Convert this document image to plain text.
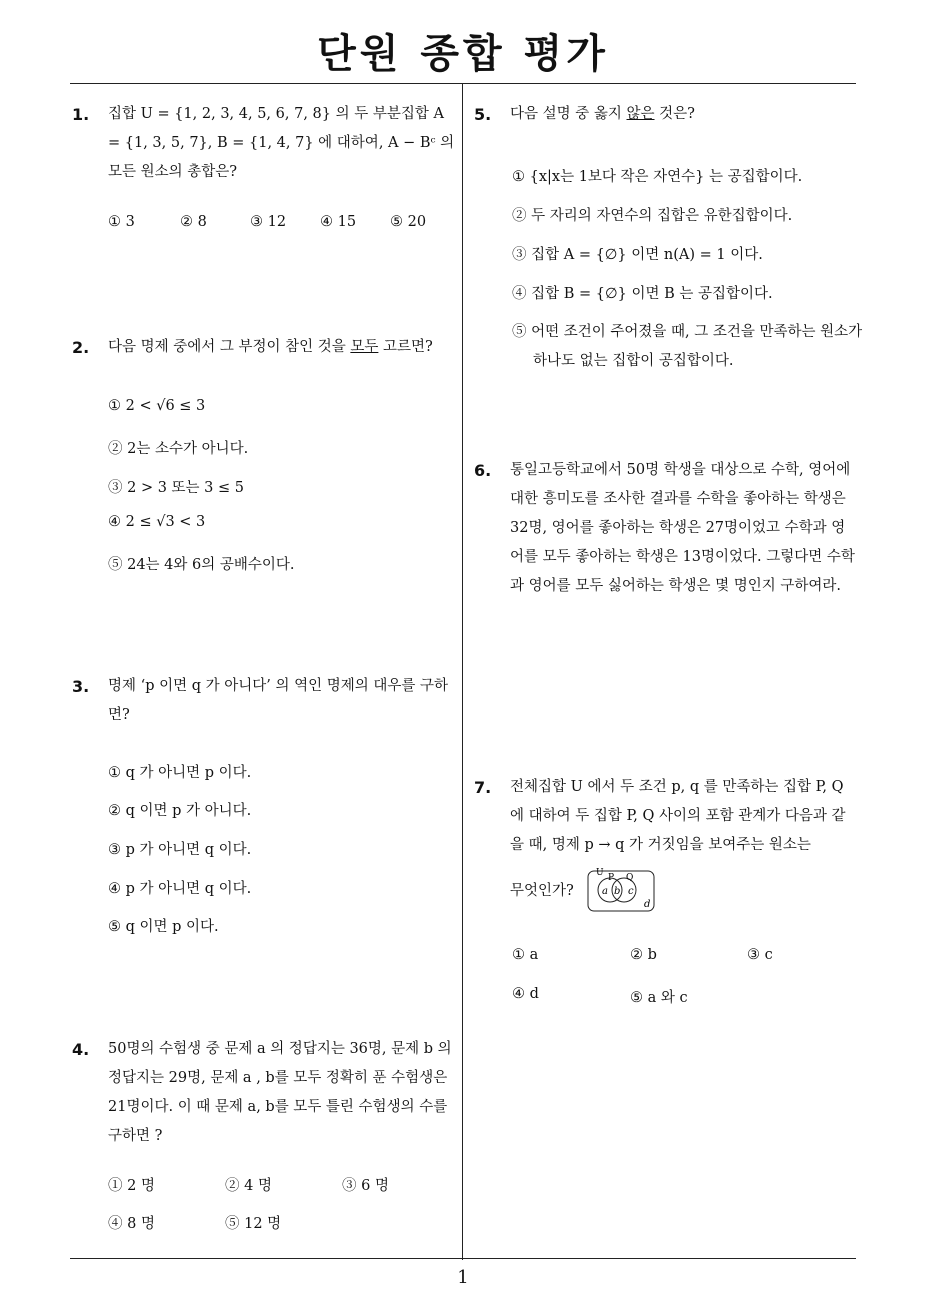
단원 종합 평가
1. 집합 U = {1, 2, 3, 4, 5, 6, 7, 8} 의 두 부분집합 A = {1, 3, 5, 7}, B = {1, 4, 7} 에 대하여, A − Bᶜ 의 모든 원소의 총합은?
① 3	② 8	③ 12 ④ 15 ⑤ 20
2. 다음 명제 중에서 그 부정이 참인 것을 모두 고르면?
① 2 < √6 ≤ 3
② 2는 소수가 아니다.
③ 2 > 3 또는 3 ≤ 5
④ 2 ≤ √3 < 3
⑤ 24는 4와 6의 공배수이다.
3. 명제 ‘p 이면 q 가 아니다’ 의 역인 명제의 대우를 구하면?
① q 가 아니면 p 이다.
② q 이면 p 가 아니다.
③ p 가 아니면 q 이다.
④ p 가 아니면 q 이다.
⑤ q 이면 p 이다.
4. 50명의 수험생 중 문제 a 의 정답지는 36명, 문제 b 의 정답지는 29명, 문제 a , b를 모두 정확히 푼 수험생은 21명이다. 이 때 문제 a, b를 모두 틀린 수험생의 수를 구하면 ?
① 2 명	② 4 명	③ 6 명
④ 8 명	⑤ 12 명
5. 다음 설명 중 옳지 않은 것은?
① {x|x는 1보다 작은 자연수} 는 공집합이다.
② 두 자리의 자연수의 집합은 유한집합이다.
③ 집합 A = {∅} 이면 n(A) = 1 이다.
④ 집합 B = {∅} 이면 B 는 공집합이다.
⑤ 어떤 조건이 주어졌을 때, 그 조건을 만족하는 원소가 하나도 없는 집합이 공집합이다.
6. 통일고등학교에서 50명 학생을 대상으로 수학, 영어에 대한 흥미도를 조사한 결과를 수학을 좋아하는 학생은 32명, 영어를 좋아하는 학생은 27명이었고 수학과 영어를 모두 좋아하는 학생은 13명이었다. 그렇다면 수학과 영어를 모두 싫어하는 학생은 몇 명인지 구하여라.
7. 전체집합 U 에서 두 조건 p, q 를 만족하는 집합 P, Q 에 대하여 두 집합 P, Q 사이의 포함 관계가 다음과 같을 때, 명제 p → q 가 거짓임을 보여주는 원소는
무엇인가?
U P Q
a b c
d
① a	② b	③ c
④ d	⑤ a 와 c
1
